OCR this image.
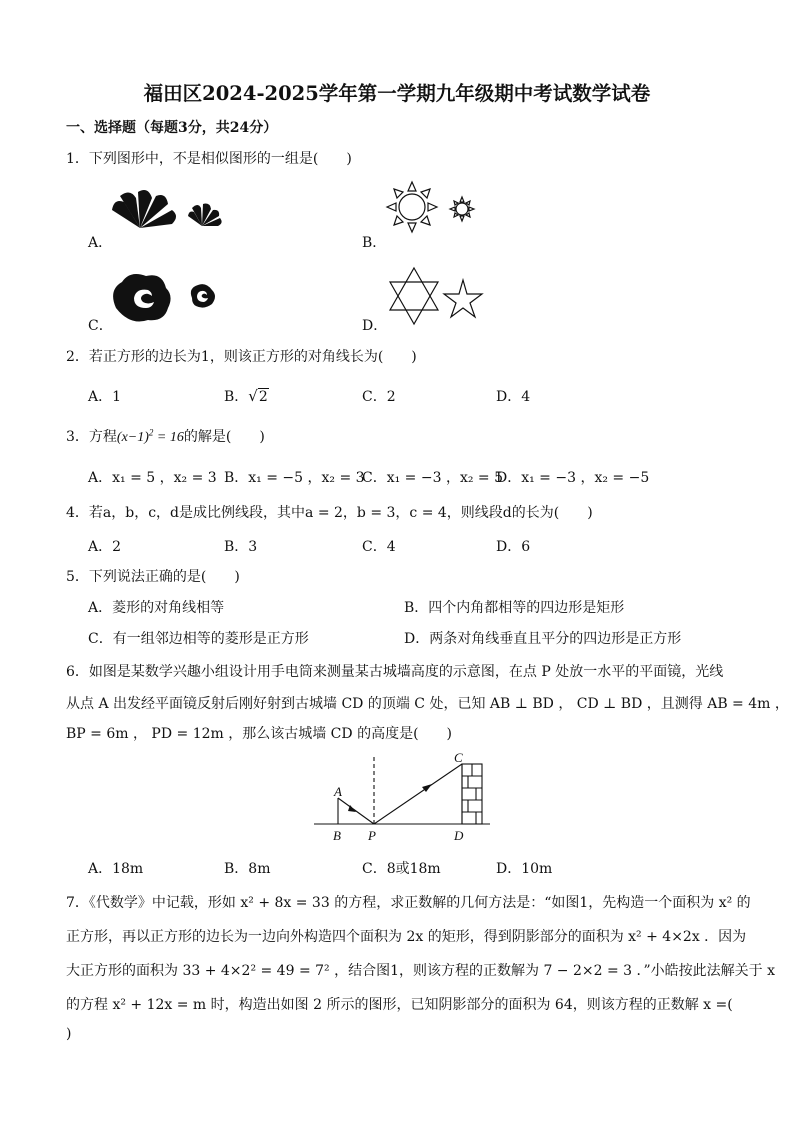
福田区2024-2025学年第一学期九年级期中考试数学试卷
一、选择题（每题3分，共24分）
1．下列图形中，不是相似图形的一组是(　　)
A．	B．
C．	D．
2．若正方形的边长为1，则该正方形的对角线长为(　　)
A．1	B．√2	C．2	D．4
3．方程$(x-1)^2 = 16$的解是(　　)
A．x₁ = 5 ，x₂ = 3 B．x₁ = −5 ，x₂ = 3
C．x₁ = −3 ，x₂ = 5
D．x₁ = −3 ，x₂ = −5
4．若a，b，c，d是成比例线段，其中a = 2，b = 3，c = 4，则线段d的长为(　　)
A．2	B．3	C．4	D．6
5．下列说法正确的是(　　)
A．菱形的对角线相等	B．四个内角都相等的四边形是矩形
C．有一组邻边相等的菱形是正方形	D．两条对角线垂直且平分的四边形是正方形
6．如图是某数学兴趣小组设计用手电筒来测量某古城墙高度的示意图，在点 P 处放一水平的平面镜，光线
从点 A 出发经平面镜反射后刚好射到古城墙 CD 的顶端 C 处，已知 AB ⊥ BD ， CD ⊥ BD ，且测得 AB = 4m ，
BP = 6m ， PD = 12m ，那么该古城墙 CD 的高度是(　　)
A
B P
C
D
A．18m	B．8m	C．8或18m	D．10m
7．《代数学》中记载，形如 x² + 8x = 33 的方程，求正数解的几何方法是：“如图1，先构造一个面积为 x² 的
正方形，再以正方形的边长为一边向外构造四个面积为 2x 的矩形，得到阴影部分的面积为 x² + 4×2x ．因为
大正方形的面积为 33 + 4×2² = 49 = 7² ，结合图1，则该方程的正数解为 7 − 2×2 = 3 ．”小皓按此法解关于 x
的方程 x² + 12x = m 时，构造出如图 2 所示的图形，已知阴影部分的面积为 64，则该方程的正数解 x =(
)
